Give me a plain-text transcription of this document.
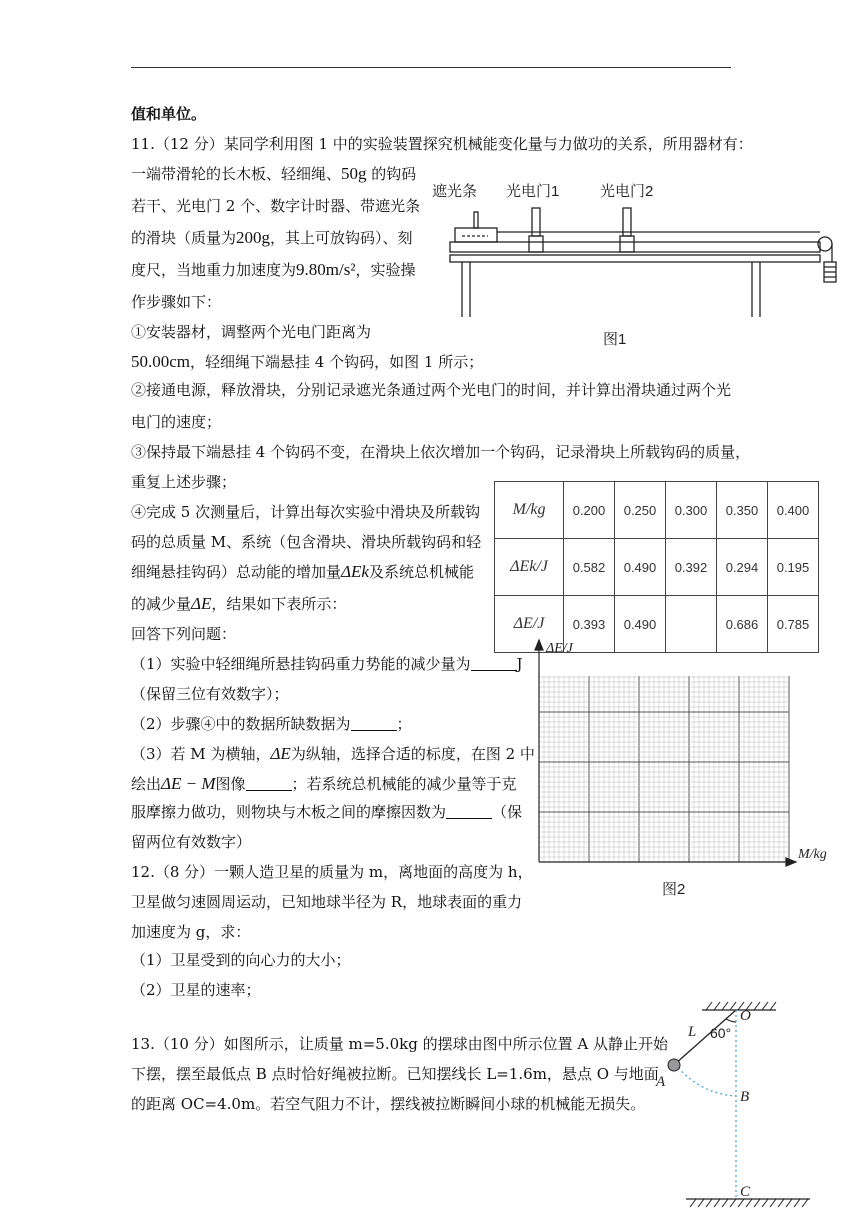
值和单位。
11.（12 分）某同学利用图 1 中的实验装置探究机械能变化量与力做功的关系，所用器材有：
一端带滑轮的长木板、轻细绳、50g 的钩码
若干、光电门 2 个、数字计时器、带遮光条
的滑块（质量为200g，其上可放钩码）、刻
度尺，当地重力加速度为9.80m/s²，实验操
作步骤如下：
①安装器材，调整两个光电门距离为
50.00cm，轻细绳下端悬挂 4 个钩码，如图 1 所示；
②接通电源，释放滑块，分别记录遮光条通过两个光电门的时间，并计算出滑块通过两个光
电门的速度；
③保持最下端悬挂 4 个钩码不变，在滑块上依次增加一个钩码，记录滑块上所载钩码的质量，
重复上述步骤；
④完成 5 次测量后，计算出每次实验中滑块及所载钩
码的总质量 M、系统（包含滑块、滑块所载钩码和轻
细绳悬挂钩码）总动能的增加量ΔEk及系统总机械能
的减少量ΔE，结果如下表所示：
回答下列问题：
（1）实验中轻细绳所悬挂钩码重力势能的减少量为	J
（保留三位有效数字）；
（2）步骤④中的数据所缺数据为	；
（3）若 M 为横轴，ΔE为纵轴，选择合适的标度，在图 2 中
绘出ΔE − M图像	；若系统总机械能的减少量等于克
服摩擦力做功，则物块与木板之间的摩擦因数为	（保
留两位有效数字）
遮光条 光电门1	光电门2
图1
M/kg	0.200	0.250	0.300	0.350	0.400
ΔEk/J	0.582	0.490	0.392	0.294	0.195
ΔE/J	0.393	0.490		0.686	0.785
ΔE/J
M/kg
图2
12.（8 分）一颗人造卫星的质量为 m，离地面的高度为 h，
卫星做匀速圆周运动，已知地球半径为 R，地球表面的重力
加速度为 g，求：
（1）卫星受到的向心力的大小；
（2）卫星的速率；
13.（10 分）如图所示，让质量 m=5.0kg 的摆球由图中所示位置 A 从静止开始
下摆，摆至最低点 B 点时恰好绳被拉断。已知摆线长 L=1.6m，悬点 O 与地面
的距离 OC=4.0m。若空气阻力不计，摆线被拉断瞬间小球的机械能无损失。
L
O
A
B
C
60°
